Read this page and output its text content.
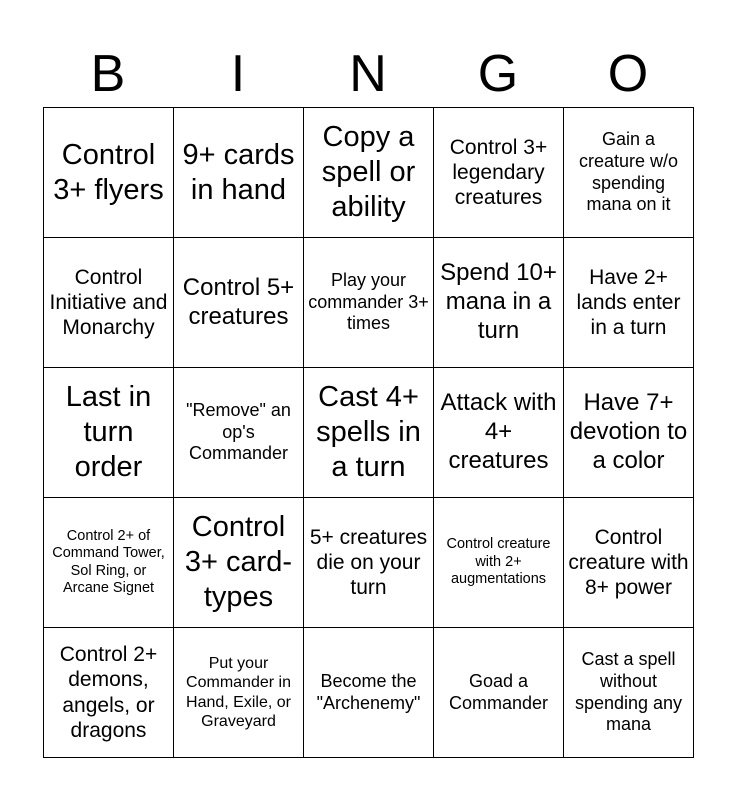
B	I	N	G	O
Control 3+ flyers	9+ cards in hand	Copy a spell or ability	Control 3+ legendary creatures	Gain a creature w/o spending mana on it
Control Initiative and Monarchy	Control 5+ creatures	Play your commander 3+ times	Spend 10+ mana in a turn	Have 2+ lands enter in a turn
Last in turn order	"Remove" an op's Commander	Cast 4+ spells in a turn	Attack with 4+ creatures	Have 7+ devotion to a color
Control 2+ of Command Tower, Sol Ring, or Arcane Signet	Control 3+ card-types	5+ creatures die on your turn	Control creature with 2+ augmentations	Control creature with 8+ power
Control 2+ demons, angels, or dragons	Put your Commander in Hand, Exile, or Graveyard	Become the "Archenemy"	Goad a Commander	Cast a spell without spending any mana
